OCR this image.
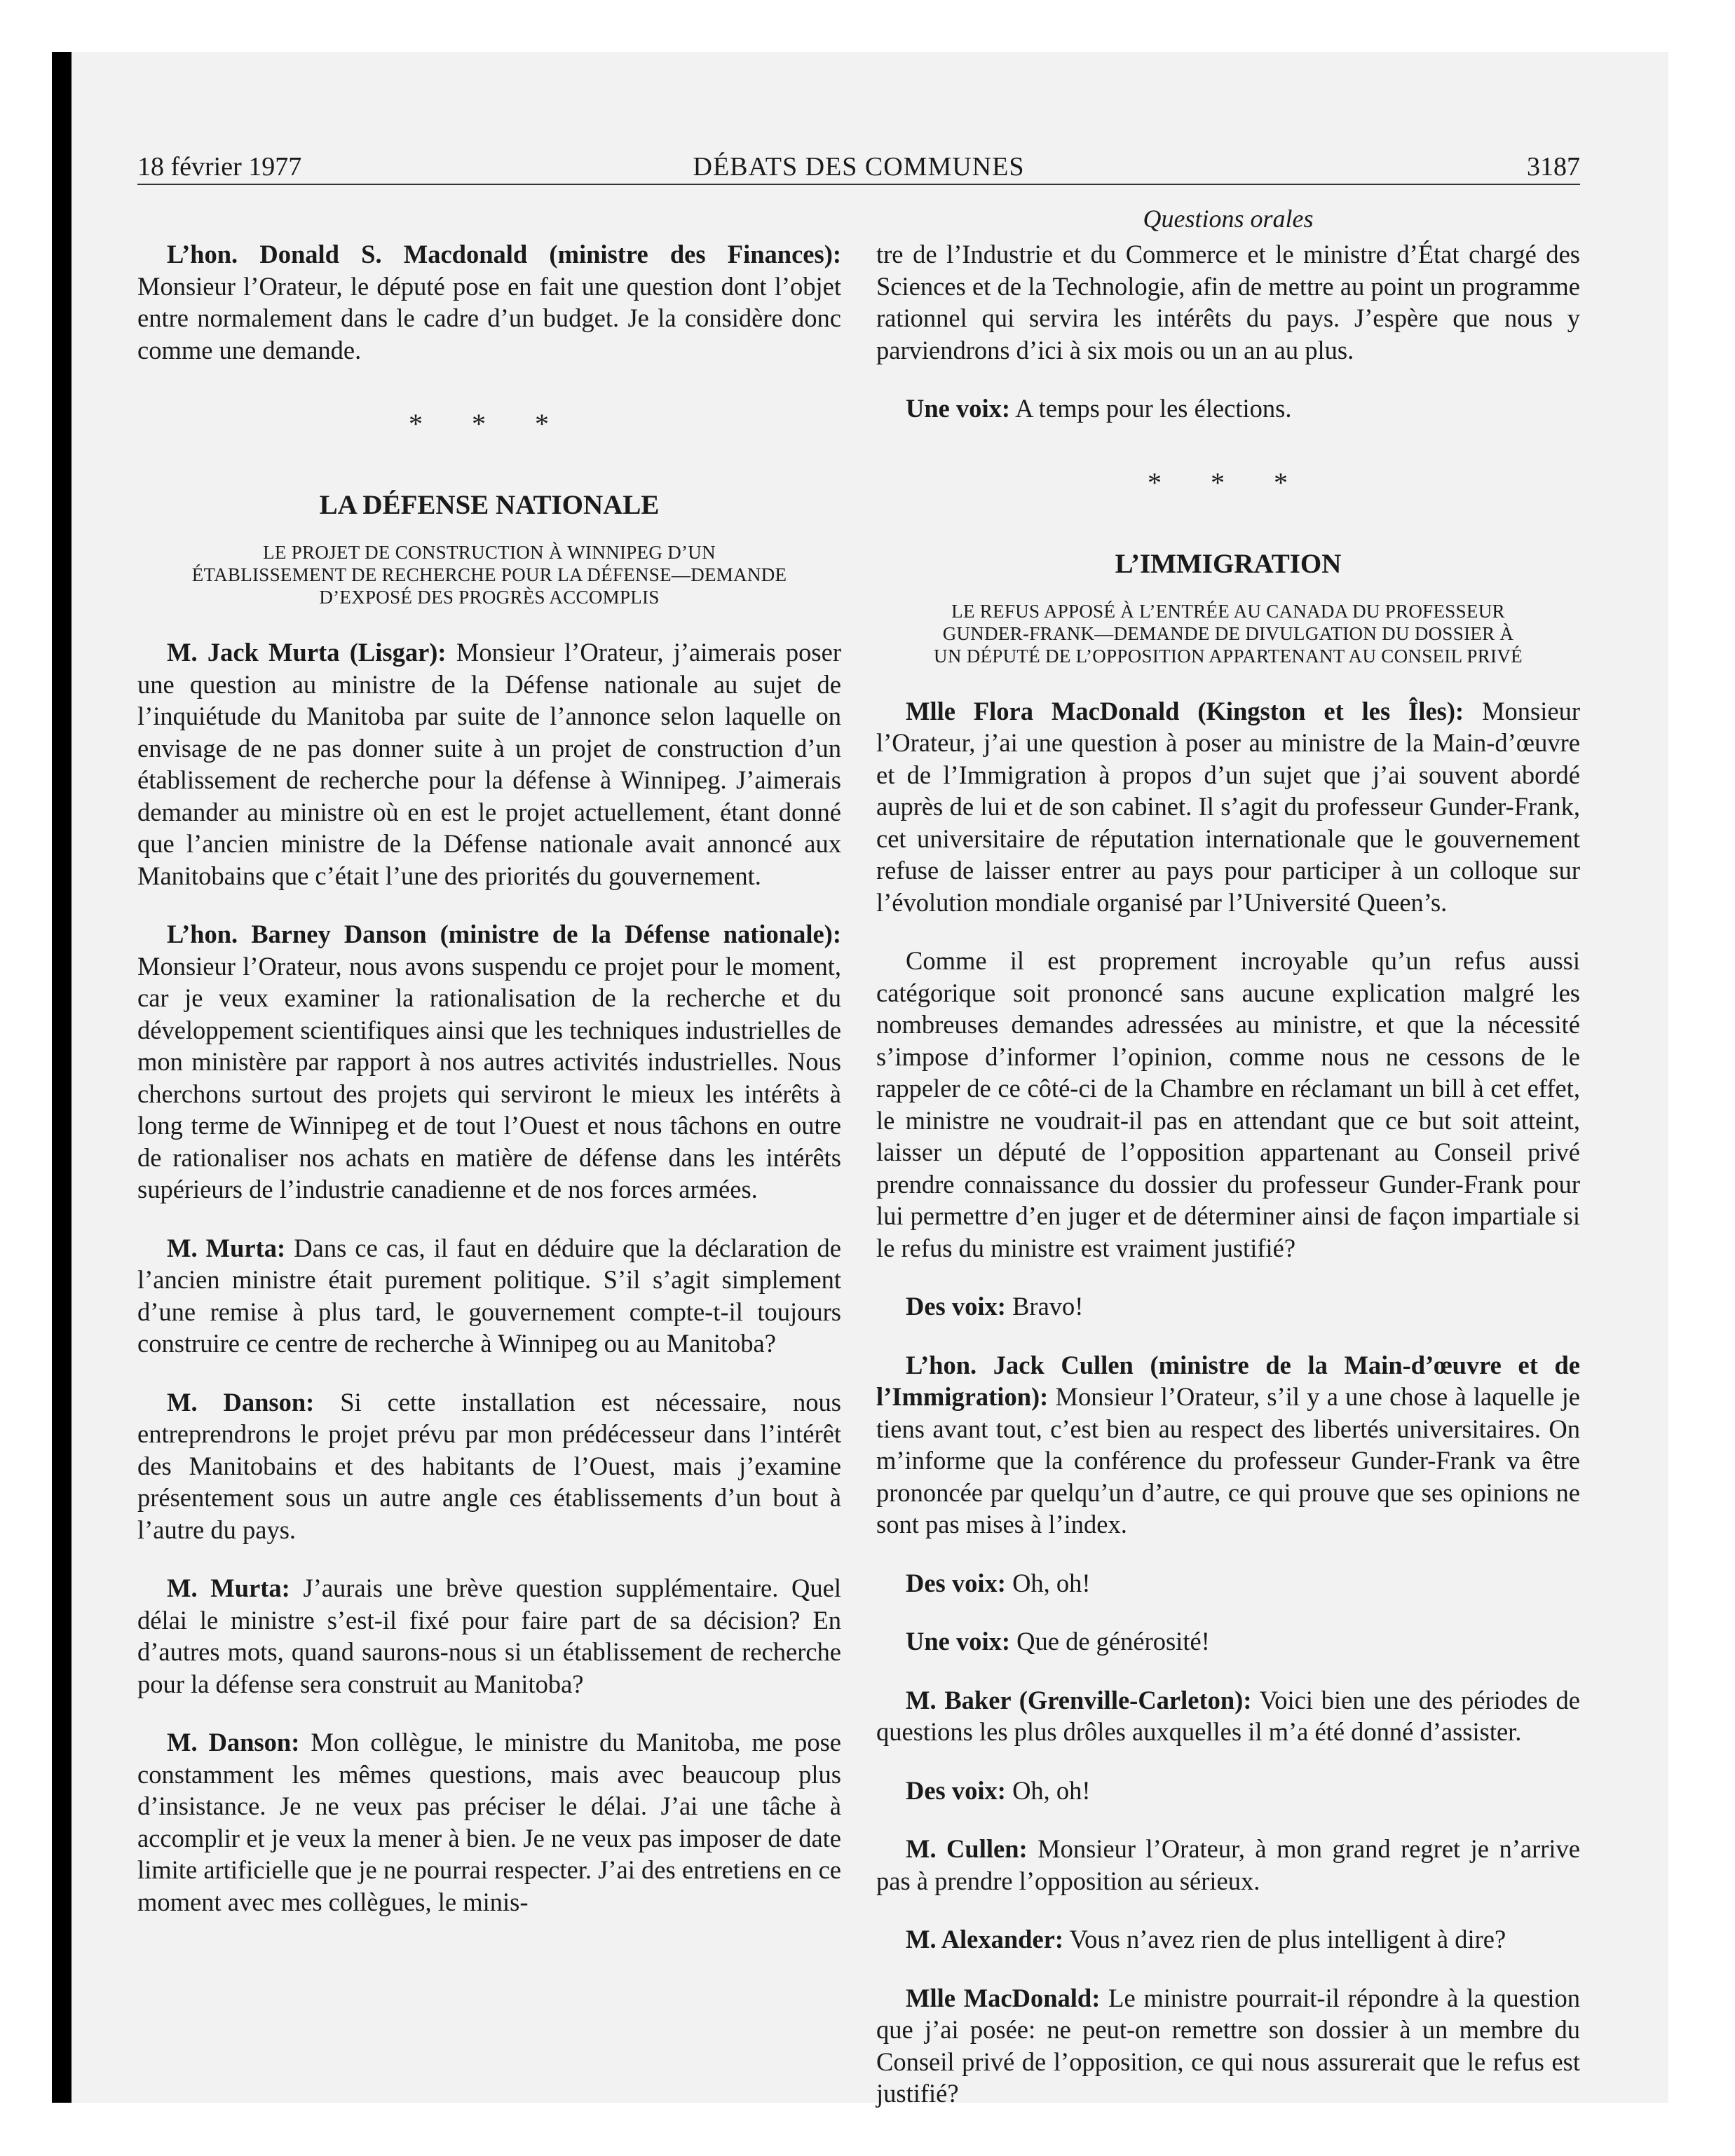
18 février 1977	DÉBATS DES COMMUNES	3187
Questions orales

L’hon. Donald S. Macdonald (ministre des Finances): Monsieur l’Orateur, le député pose en fait une question dont l’objet entre normalement dans le cadre d’un budget. Je la considère donc comme une demande.

* * *
LA DÉFENSE NATIONALE
LE PROJET DE CONSTRUCTION À WINNIPEG D’UN
ÉTABLISSEMENT DE RECHERCHE POUR LA DÉFENSE—DEMANDE
D’EXPOSÉ DES PROGRÈS ACCOMPLIS

M. Jack Murta (Lisgar): Monsieur l’Orateur, j’aimerais poser une question au ministre de la Défense nationale au sujet de l’inquiétude du Manitoba par suite de l’annonce selon laquelle on envisage de ne pas donner suite à un projet de construction d’un établissement de recherche pour la défense à Winnipeg. J’aimerais demander au ministre où en est le projet actuellement, étant donné que l’ancien ministre de la Défense nationale avait annoncé aux Manitobains que c’était l’une des priorités du gouvernement.

L’hon. Barney Danson (ministre de la Défense nationale): Monsieur l’Orateur, nous avons suspendu ce projet pour le moment, car je veux examiner la rationalisation de la recherche et du développement scientifiques ainsi que les techniques industrielles de mon ministère par rapport à nos autres activités industrielles. Nous cherchons surtout des projets qui serviront le mieux les intérêts à long terme de Winnipeg et de tout l’Ouest et nous tâchons en outre de rationaliser nos achats en matière de défense dans les intérêts supérieurs de l’industrie canadienne et de nos forces armées.

M. Murta: Dans ce cas, il faut en déduire que la déclaration de l’ancien ministre était purement politique. S’il s’agit simplement d’une remise à plus tard, le gouvernement compte-t-il toujours construire ce centre de recherche à Winnipeg ou au Manitoba?

M. Danson: Si cette installation est nécessaire, nous entreprendrons le projet prévu par mon prédécesseur dans l’intérêt des Manitobains et des habitants de l’Ouest, mais j’examine présentement sous un autre angle ces établissements d’un bout à l’autre du pays.

M. Murta: J’aurais une brève question supplémentaire. Quel délai le ministre s’est-il fixé pour faire part de sa décision? En d’autres mots, quand saurons-nous si un établissement de recherche pour la défense sera construit au Manitoba?

M. Danson: Mon collègue, le ministre du Manitoba, me pose constamment les mêmes questions, mais avec beaucoup plus d’insistance. Je ne veux pas préciser le délai. J’ai une tâche à accomplir et je veux la mener à bien. Je ne veux pas imposer de date limite artificielle que je ne pourrai respecter. J’ai des entretiens en ce moment avec mes collègues, le minis-

tre de l’Industrie et du Commerce et le ministre d’État chargé des Sciences et de la Technologie, afin de mettre au point un programme rationnel qui servira les intérêts du pays. J’espère que nous y parviendrons d’ici à six mois ou un an au plus.

Une voix: A temps pour les élections.

* * *
L’IMMIGRATION
LE REFUS APPOSÉ À L’ENTRÉE AU CANADA DU PROFESSEUR
GUNDER-FRANK—DEMANDE DE DIVULGATION DU DOSSIER À
UN DÉPUTÉ DE L’OPPOSITION APPARTENANT AU CONSEIL PRIVÉ

Mlle Flora MacDonald (Kingston et les Îles): Monsieur l’Orateur, j’ai une question à poser au ministre de la Main-d’œuvre et de l’Immigration à propos d’un sujet que j’ai souvent abordé auprès de lui et de son cabinet. Il s’agit du professeur Gunder-Frank, cet universitaire de réputation internationale que le gouvernement refuse de laisser entrer au pays pour participer à un colloque sur l’évolution mondiale organisé par l’Université Queen’s.

Comme il est proprement incroyable qu’un refus aussi catégorique soit prononcé sans aucune explication malgré les nombreuses demandes adressées au ministre, et que la nécessité s’impose d’informer l’opinion, comme nous ne cessons de le rappeler de ce côté-ci de la Chambre en réclamant un bill à cet effet, le ministre ne voudrait-il pas en attendant que ce but soit atteint, laisser un député de l’opposition appartenant au Conseil privé prendre connaissance du dossier du professeur Gunder-Frank pour lui permettre d’en juger et de déterminer ainsi de façon impartiale si le refus du ministre est vraiment justifié?

Des voix: Bravo!

L’hon. Jack Cullen (ministre de la Main-d’œuvre et de l’Immigration): Monsieur l’Orateur, s’il y a une chose à laquelle je tiens avant tout, c’est bien au respect des libertés universitaires. On m’informe que la conférence du professeur Gunder-Frank va être prononcée par quelqu’un d’autre, ce qui prouve que ses opinions ne sont pas mises à l’index.

Des voix: Oh, oh!

Une voix: Que de générosité!

M. Baker (Grenville-Carleton): Voici bien une des périodes de questions les plus drôles auxquelles il m’a été donné d’assister.

Des voix: Oh, oh!

M. Cullen: Monsieur l’Orateur, à mon grand regret je n’arrive pas à prendre l’opposition au sérieux.

M. Alexander: Vous n’avez rien de plus intelligent à dire?

Mlle MacDonald: Le ministre pourrait-il répondre à la question que j’ai posée: ne peut-on remettre son dossier à un membre du Conseil privé de l’opposition, ce qui nous assurerait que le refus est justifié?
